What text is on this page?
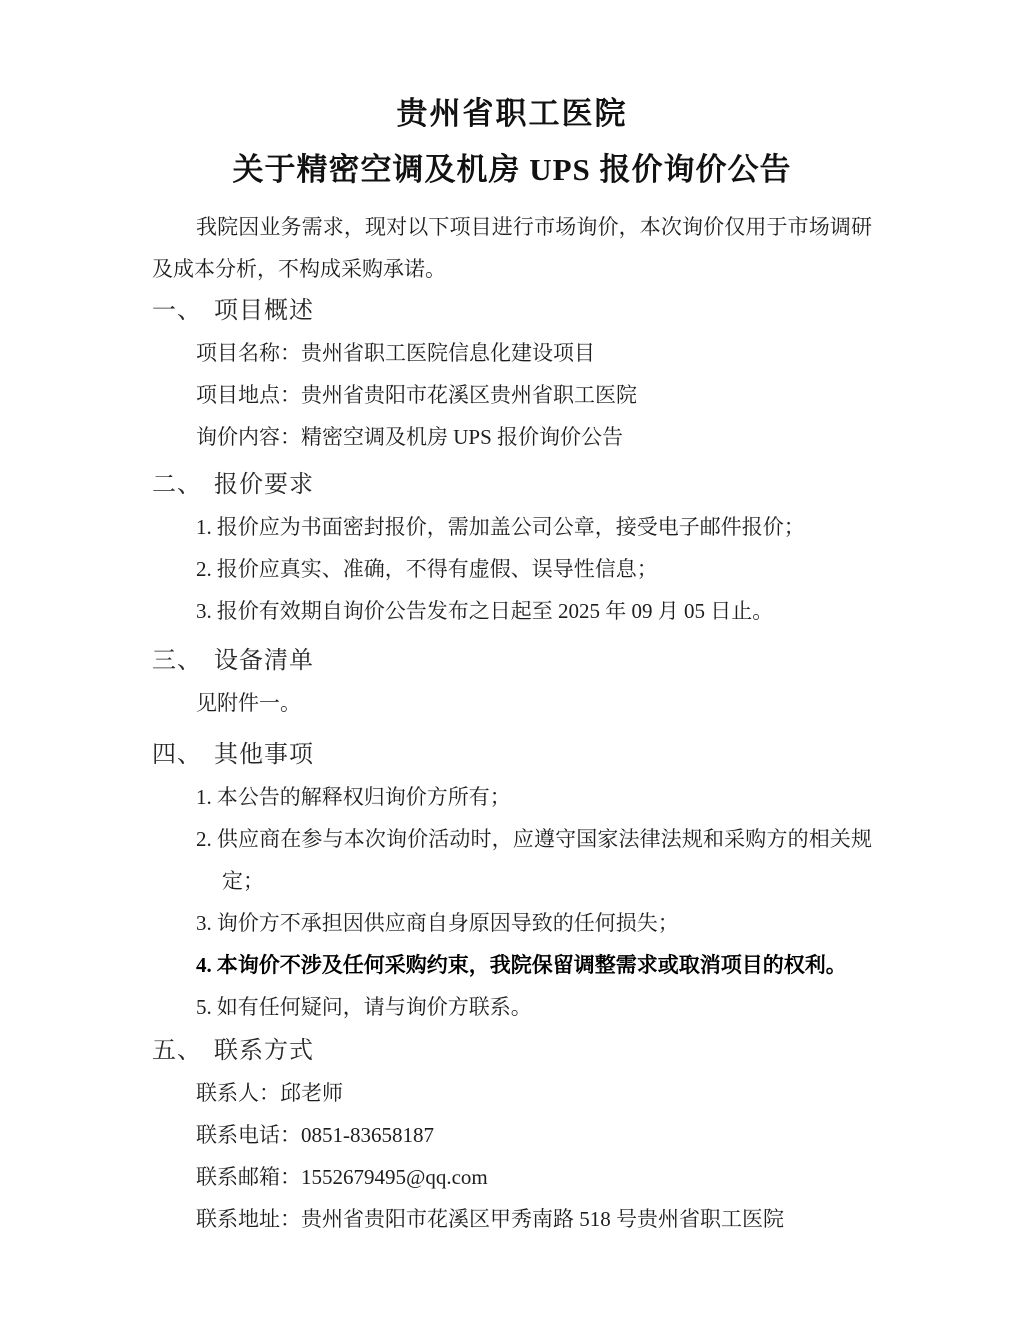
贵州省职工医院
关于精密空调及机房 UPS 报价询价公告

我院因业务需求，现对以下项目进行市场询价，本次询价仅用于市场调研及成本分析，不构成采购承诺。

一、 项目概述

项目名称：贵州省职工医院信息化建设项目

项目地点：贵州省贵阳市花溪区贵州省职工医院

询价内容：精密空调及机房 UPS 报价询价公告

二、 报价要求

1. 报价应为书面密封报价，需加盖公司公章，接受电子邮件报价；

2. 报价应真实、准确，不得有虚假、误导性信息；

3. 报价有效期自询价公告发布之日起至 2025 年 09 月 05 日止。

三、 设备清单

见附件一。

四、 其他事项

1. 本公告的解释权归询价方所有；

2. 供应商在参与本次询价活动时，应遵守国家法律法规和采购方的相关规定；

3. 询价方不承担因供应商自身原因导致的任何损失；

4. 本询价不涉及任何采购约束，我院保留调整需求或取消项目的权利。

5. 如有任何疑问，请与询价方联系。

五、 联系方式

联系人：邱老师

联系电话：0851-83658187

联系邮箱：1552679495@qq.com

联系地址：贵州省贵阳市花溪区甲秀南路 518 号贵州省职工医院
